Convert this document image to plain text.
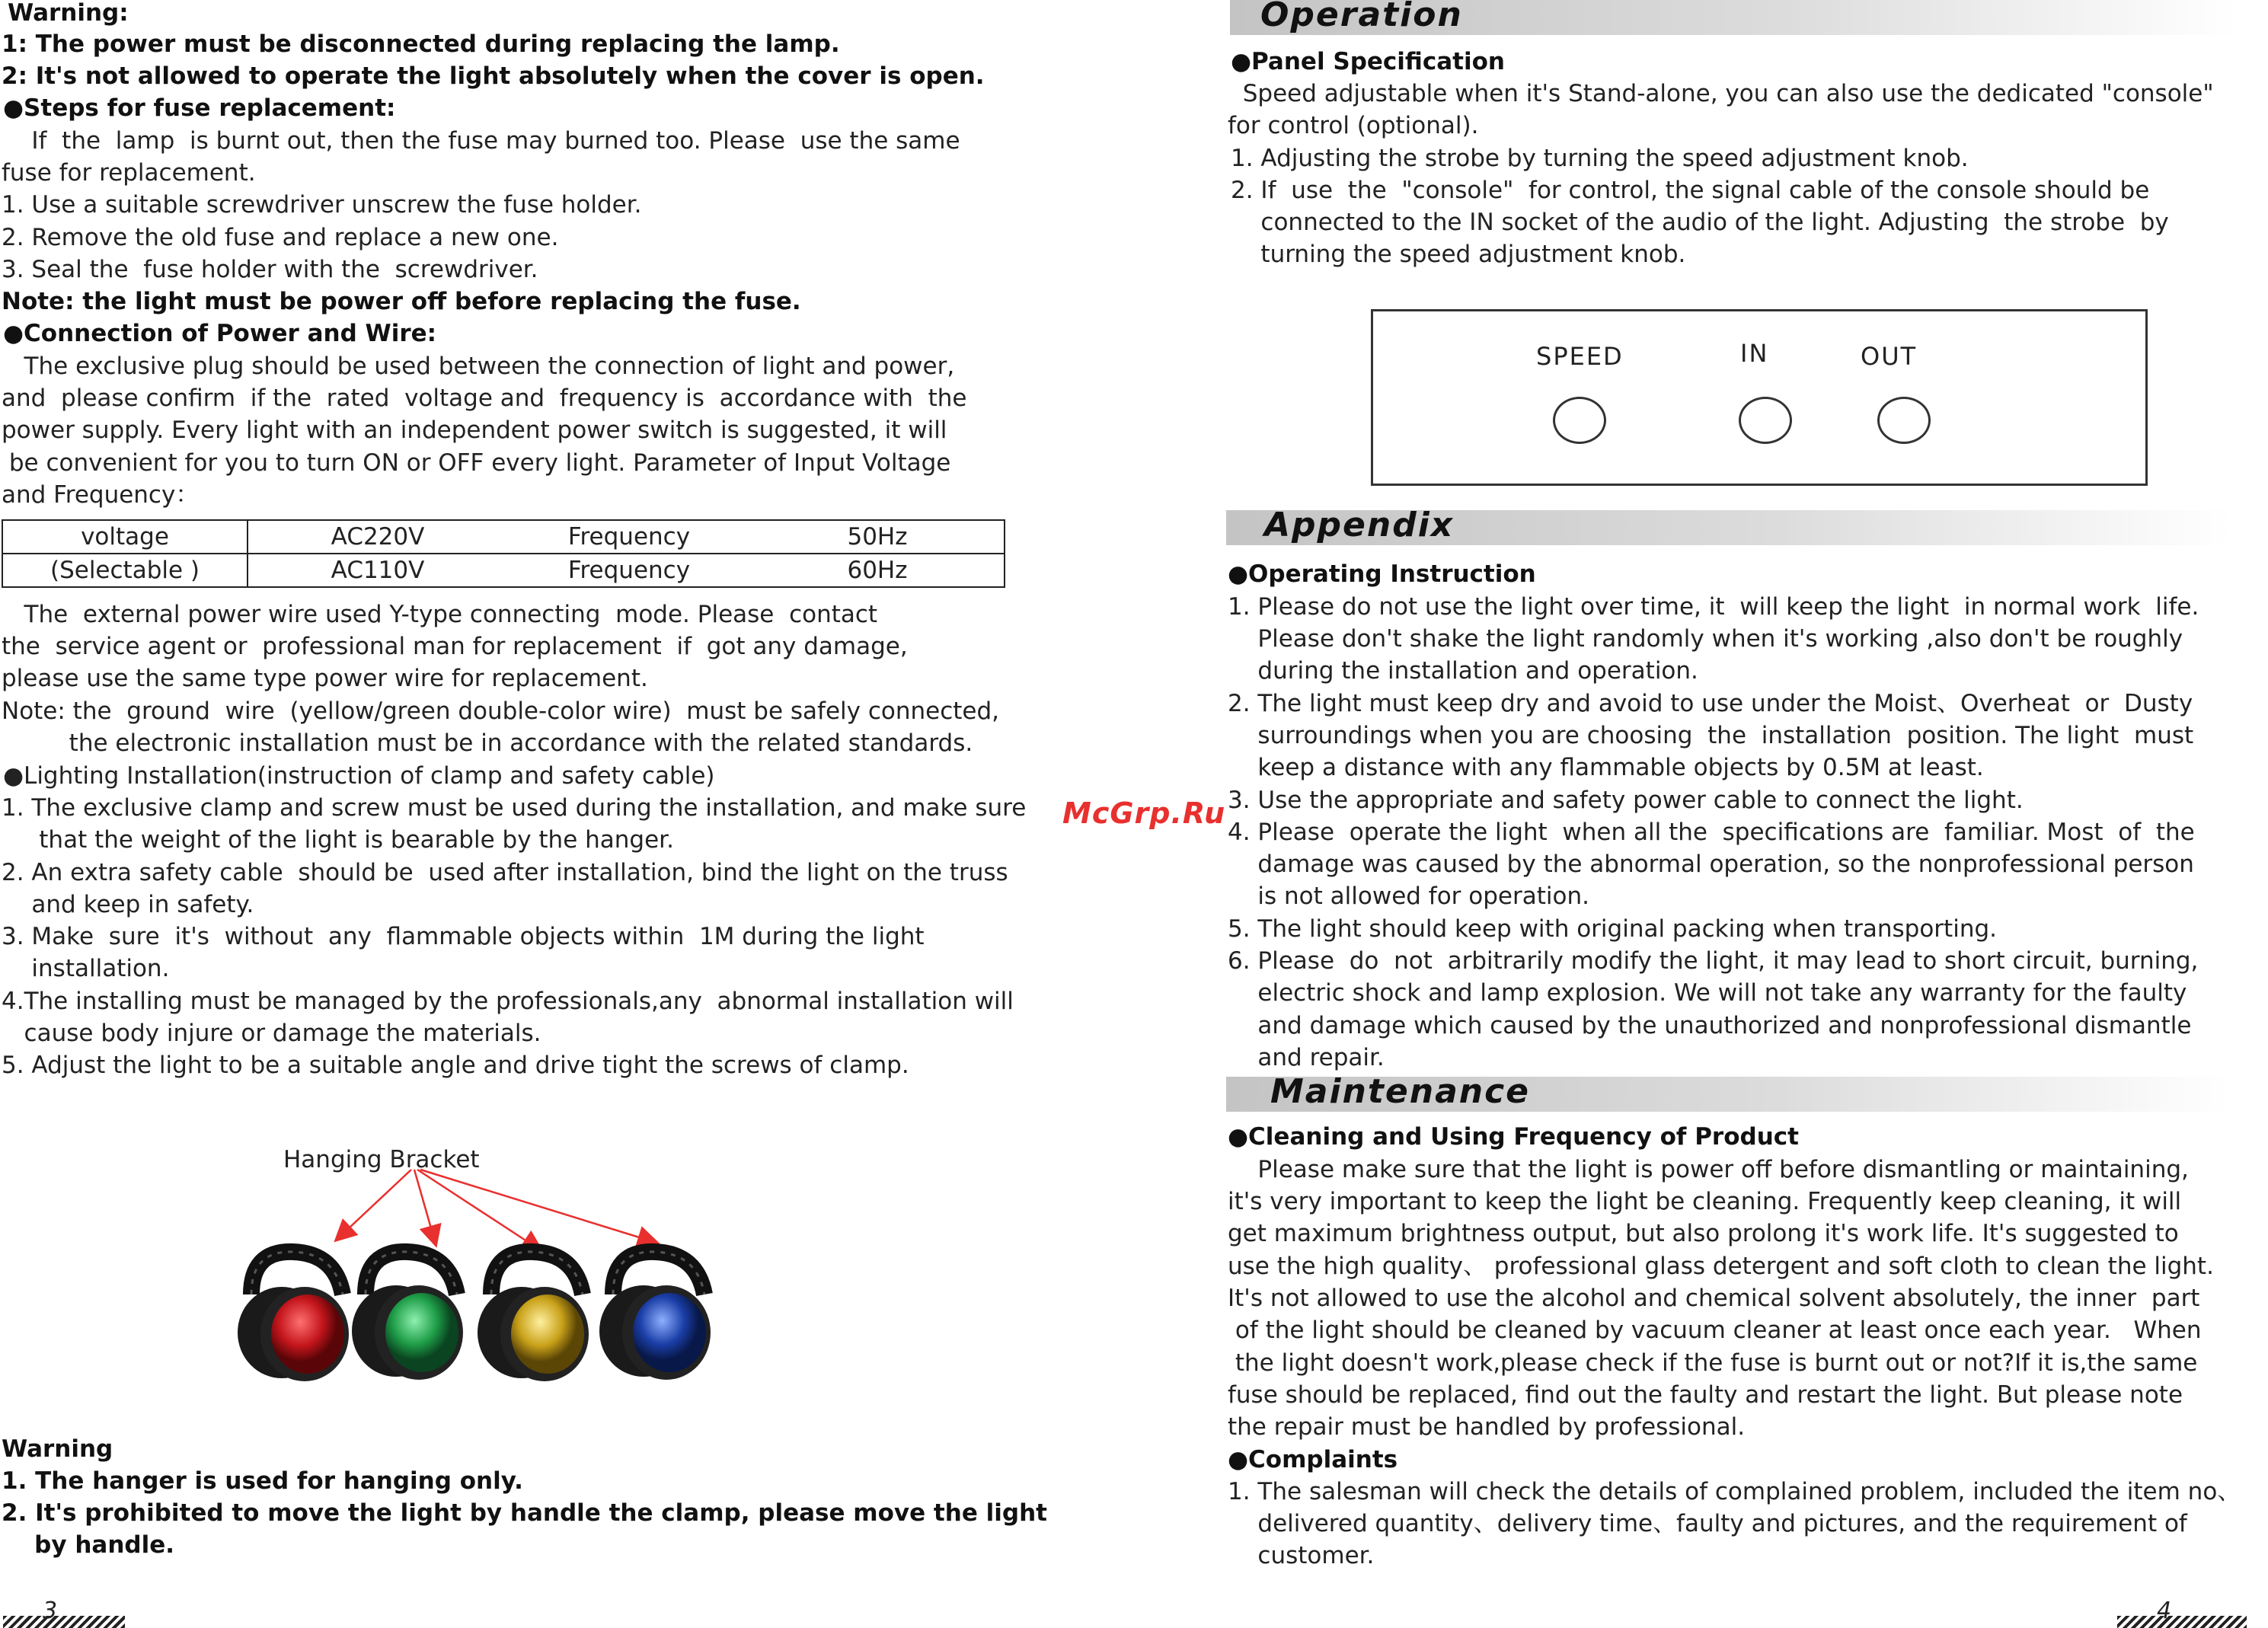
Warning:
1: The power must be disconnected during replacing the lamp.
2: It's not allowed to operate the light absolutely when the cover is open.
●Steps for fuse replacement:
If  the  lamp  is burnt out, then the fuse may burned too. Please  use the same
fuse for replacement.
1. Use a suitable screwdriver unscrew the fuse holder.
2. Remove the old fuse and replace a new one.
3. Seal the  fuse holder with the  screwdriver.
Note: the light must be power off before replacing the fuse.
●Connection of Power and Wire:
The exclusive plug should be used between the connection of light and power,
and  please confirm  if the  rated  voltage and  frequency is  accordance with  the
power supply. Every light with an independent power switch is suggested, it will
be convenient for you to turn ON or OFF every light. Parameter of Input Voltage
and Frequency：
voltage	AC220V	Frequency	50Hz
(Selectable )	AC110V	Frequency	60Hz
The  external power wire used Y-type connecting  mode. Please  contact
the  service agent or  professional man for replacement  if  got any damage,
please use the same type power wire for replacement.
Note: the  ground  wire  (yellow/green double-color wire)  must be safely connected,
the electronic installation must be in accordance with the related standards.
●Lighting Installation(instruction of clamp and safety cable)
1. The exclusive clamp and screw must be used during the installation, and make sure
that the weight of the light is bearable by the hanger.
2. An extra safety cable  should be  used after installation, bind the light on the truss
and keep in safety.
3. Make  sure  it's  without  any  flammable objects within  1M during the light
installation.
4.The installing must be managed by the professionals,any  abnormal installation will
cause body injure or damage the materials.
5. Adjust the light to be a suitable angle and drive tight the screws of clamp.
Hanging Bracket
Warning
1. The hanger is used for hanging only.
2. It's prohibited to move the light by handle the clamp, please move the light
by handle.
3
McGrp.Ru
Operation
●Panel Specification
Speed adjustable when it's Stand-alone, you can also use the dedicated "console"
for control (optional).
1. Adjusting the strobe by turning the speed adjustment knob.
2. If  use  the  "console"  for control, the signal cable of the console should be
connected to the IN socket of the audio of the light. Adjusting  the strobe  by
turning the speed adjustment knob.
SPEED	IN	OUT
Appendix
●Operating Instruction
1. Please do not use the light over time, it  will keep the light  in normal work  life.
Please don't shake the light randomly when it's working ,also don't be roughly
during the installation and operation.
2. The light must keep dry and avoid to use under the Moist、Overheat  or  Dusty
surroundings when you are choosing  the  installation  position. The light  must
keep a distance with any flammable objects by 0.5M at least.
3. Use the appropriate and safety power cable to connect the light.
4. Please  operate the light  when all the  specifications are  familiar. Most  of  the
damage was caused by the abnormal operation, so the nonprofessional person
is not allowed for operation.
5. The light should keep with original packing when transporting.
6. Please  do  not  arbitrarily modify the light, it may lead to short circuit, burning,
electric shock and lamp explosion. We will not take any warranty for the faulty
and damage which caused by the unauthorized and nonprofessional dismantle
and repair.
Maintenance
●Cleaning and Using Frequency of Product
Please make sure that the light is power off before dismantling or maintaining,
it's very important to keep the light be cleaning. Frequently keep cleaning, it will
get maximum brightness output, but also prolong it's work life. It's suggested to
use the high quality、 professional glass detergent and soft cloth to clean the light.
It's not allowed to use the alcohol and chemical solvent absolutely, the inner  part
of the light should be cleaned by vacuum cleaner at least once each year.   When
the light doesn't work,please check if the fuse is burnt out or not?If it is,the same
fuse should be replaced, find out the faulty and restart the light. But please note
the repair must be handled by professional.
●Complaints
1. The salesman will check the details of complained problem, included the item no、
delivered quantity、delivery time、faulty and pictures, and the requirement of
customer.
4
